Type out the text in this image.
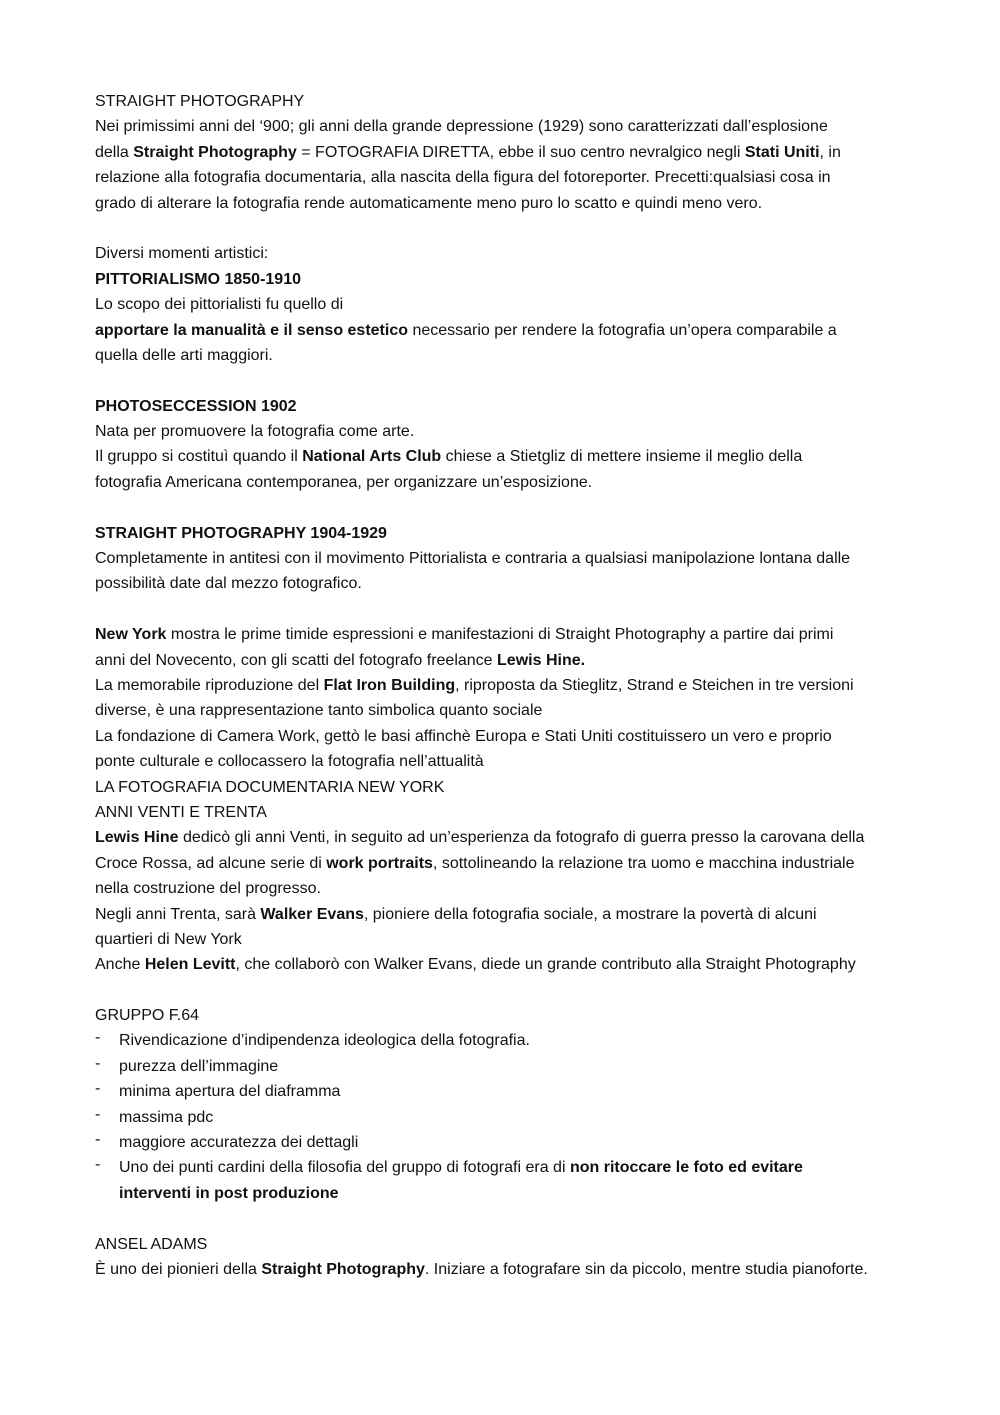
STRAIGHT PHOTOGRAPHY
Nei primissimi anni del ‘900; gli anni della grande depressione (1929) sono caratterizzati dall’esplosione
della Straight Photography = FOTOGRAFIA DIRETTA, ebbe il suo centro nevralgico negli Stati Uniti, in
relazione alla fotografia documentaria, alla nascita della figura del fotoreporter. Precetti:qualsiasi cosa in
grado di alterare la fotografia rende automaticamente meno puro lo scatto e quindi meno vero.
Diversi momenti artistici:
PITTORIALISMO 1850-1910
Lo scopo dei pittorialisti fu quello di
apportare la manualità e il senso estetico necessario per rendere la fotografia un’opera comparabile a
quella delle arti maggiori.
PHOTOSECCESSION 1902
Nata per promuovere la fotografia come arte.
Il gruppo si costituì quando il National Arts Club chiese a Stietgliz di mettere insieme il meglio della
fotografia Americana contemporanea, per organizzare un’esposizione.
STRAIGHT PHOTOGRAPHY 1904-1929
Completamente in antitesi con il movimento Pittorialista e contraria a qualsiasi manipolazione lontana dalle
possibilità date dal mezzo fotografico.
New York mostra le prime timide espressioni e manifestazioni di Straight Photography a partire dai primi
anni del Novecento, con gli scatti del fotografo freelance Lewis Hine.
La memorabile riproduzione del Flat Iron Building, riproposta da Stieglitz, Strand e Steichen in tre versioni
diverse, è una rappresentazione tanto simbolica quanto sociale
La fondazione di Camera Work, gettò le basi affinchè Europa e Stati Uniti costituissero un vero e proprio
ponte culturale e collocassero la fotografia nell’attualità
LA FOTOGRAFIA DOCUMENTARIA NEW YORK
ANNI VENTI E TRENTA
Lewis Hine dedicò gli anni Venti, in seguito ad un’esperienza da fotografo di guerra presso la carovana della
Croce Rossa, ad alcune serie di work portraits, sottolineando la relazione tra uomo e macchina industriale
nella costruzione del progresso.
Negli anni Trenta, sarà Walker Evans, pioniere della fotografia sociale, a mostrare la povertà di alcuni
quartieri di New York
Anche Helen Levitt, che collaborò con Walker Evans, diede un grande contributo alla Straight Photography
GRUPPO F.64
- Rivendicazione d’indipendenza ideologica della fotografia.
- purezza dell’immagine
- minima apertura del diaframma
- massima pdc
- maggiore accuratezza dei dettagli
- Uno dei punti cardini della filosofia del gruppo di fotografi era di non ritoccare le foto ed evitare
interventi in post produzione
ANSEL ADAMS
È uno dei pionieri della Straight Photography. Iniziare a fotografare sin da piccolo, mentre studia pianoforte.
